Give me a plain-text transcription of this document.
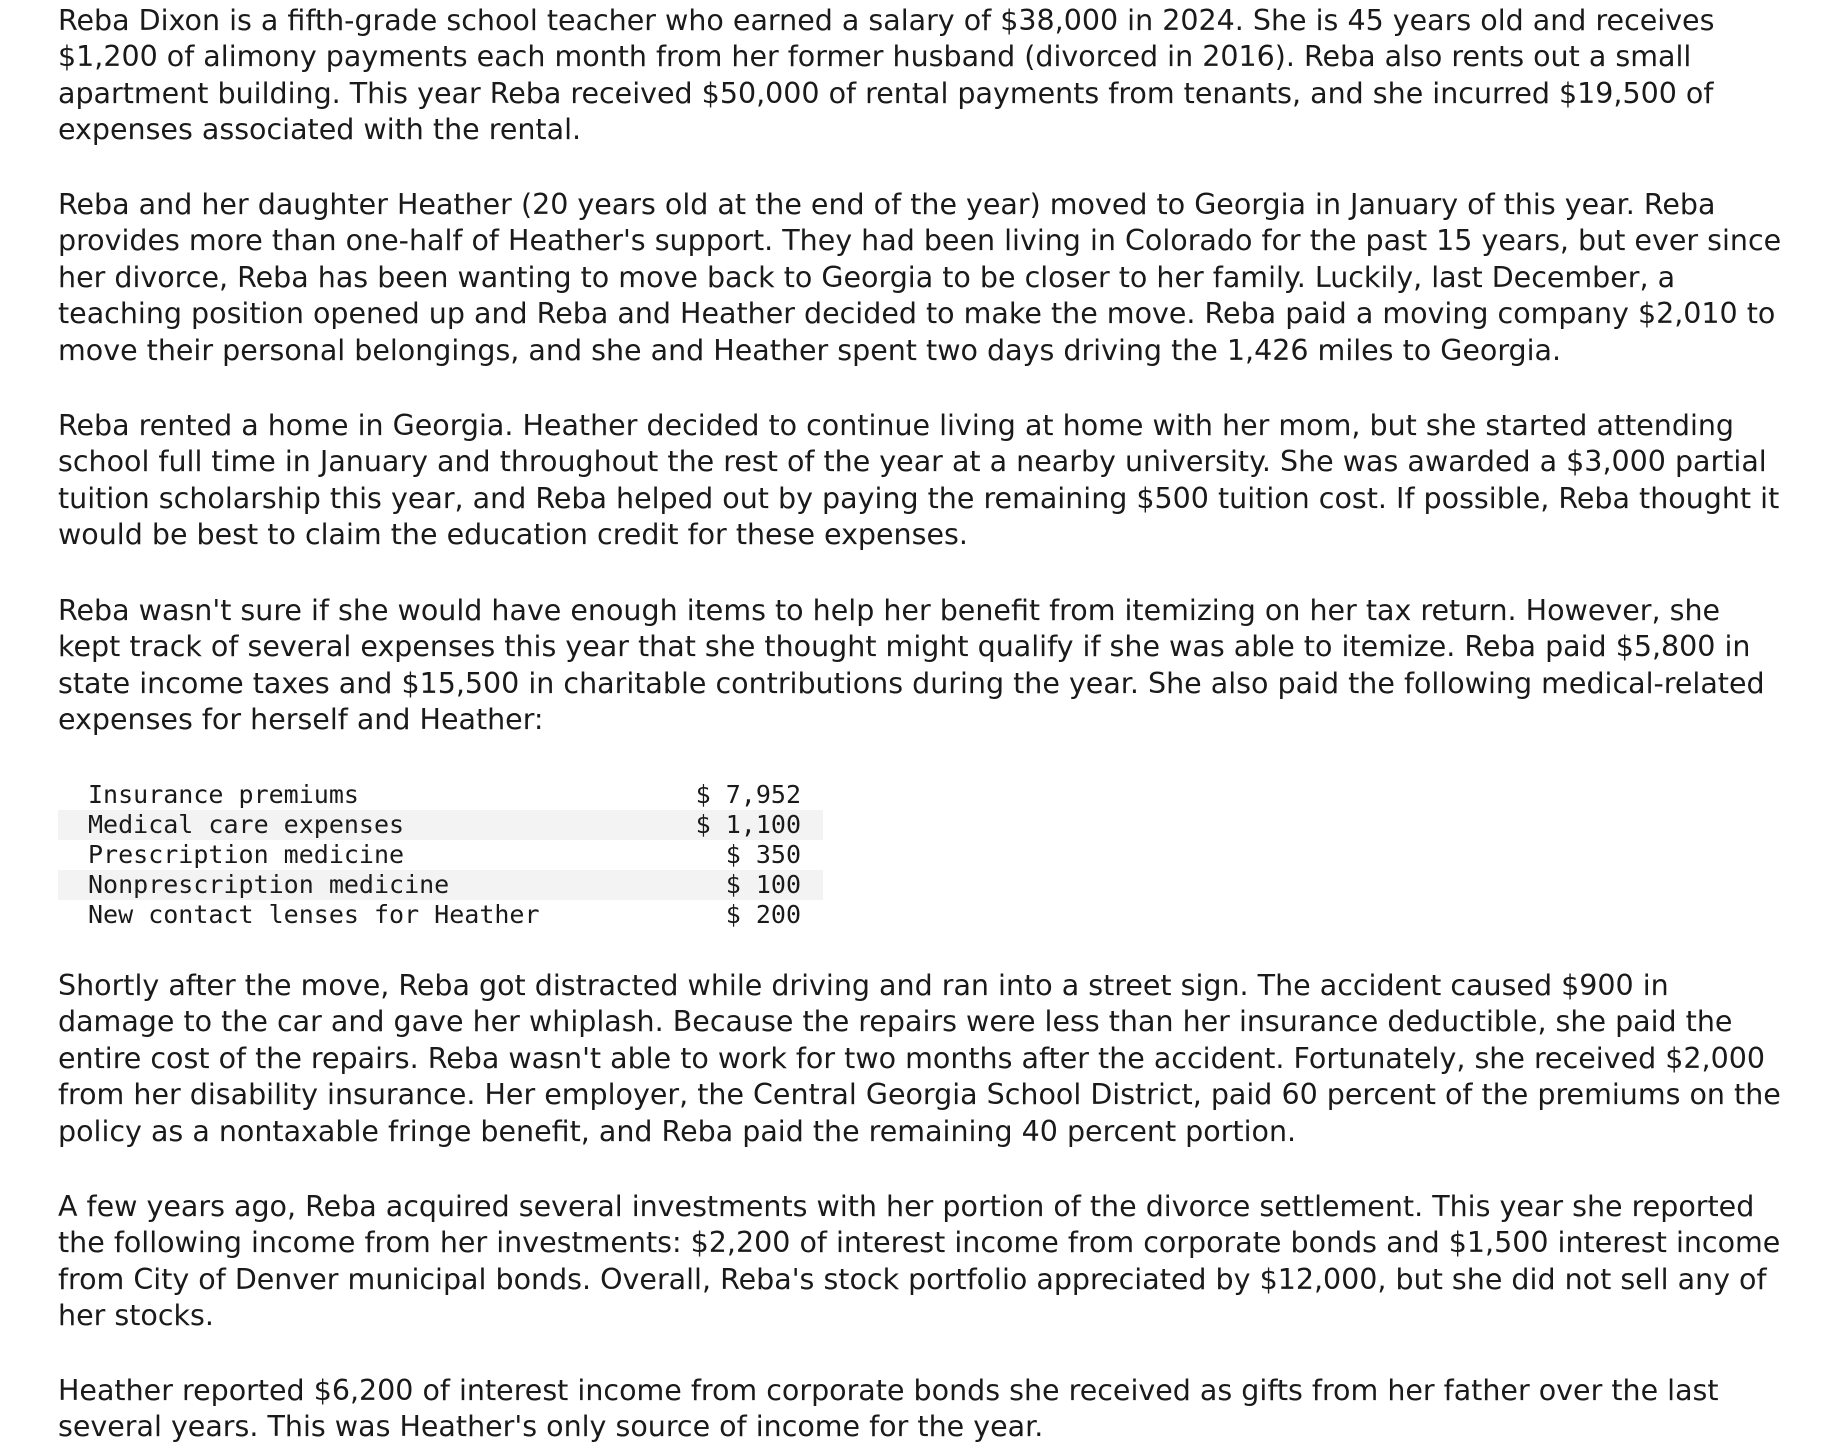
Reba Dixon is a fifth-grade school teacher who earned a salary of $38,000 in 2024. She is 45 years old and receives $1,200 of alimony payments each month from her former husband (divorced in 2016). Reba also rents out a small apartment building. This year Reba received $50,000 of rental payments from tenants, and she incurred $19,500 of expenses associated with the rental.

Reba and her daughter Heather (20 years old at the end of the year) moved to Georgia in January of this year. Reba provides more than one-half of Heather's support. They had been living in Colorado for the past 15 years, but ever since her divorce, Reba has been wanting to move back to Georgia to be closer to her family. Luckily, last December, a teaching position opened up and Reba and Heather decided to make the move. Reba paid a moving company $2,010 to move their personal belongings, and she and Heather spent two days driving the 1,426 miles to Georgia.

Reba rented a home in Georgia. Heather decided to continue living at home with her mom, but she started attending school full time in January and throughout the rest of the year at a nearby university. She was awarded a $3,000 partial tuition scholarship this year, and Reba helped out by paying the remaining $500 tuition cost. If possible, Reba thought it would be best to claim the education credit for these expenses.

Reba wasn't sure if she would have enough items to help her benefit from itemizing on her tax return. However, she kept track of several expenses this year that she thought might qualify if she was able to itemize. Reba paid $5,800 in state income taxes and $15,500 in charitable contributions during the year. She also paid the following medical-related expenses for herself and Heather:

Insurance premiums	$ 7,952
Medical care expenses	$ 1,100
Prescription medicine	$ 350
Nonprescription medicine	$ 100
New contact lenses for Heather	$ 200

Shortly after the move, Reba got distracted while driving and ran into a street sign. The accident caused $900 in damage to the car and gave her whiplash. Because the repairs were less than her insurance deductible, she paid the entire cost of the repairs. Reba wasn't able to work for two months after the accident. Fortunately, she received $2,000 from her disability insurance. Her employer, the Central Georgia School District, paid 60 percent of the premiums on the policy as a nontaxable fringe benefit, and Reba paid the remaining 40 percent portion.

A few years ago, Reba acquired several investments with her portion of the divorce settlement. This year she reported the following income from her investments: $2,200 of interest income from corporate bonds and $1,500 interest income from City of Denver municipal bonds. Overall, Reba's stock portfolio appreciated by $12,000, but she did not sell any of her stocks.

Heather reported $6,200 of interest income from corporate bonds she received as gifts from her father over the last several years. This was Heather's only source of income for the year.
